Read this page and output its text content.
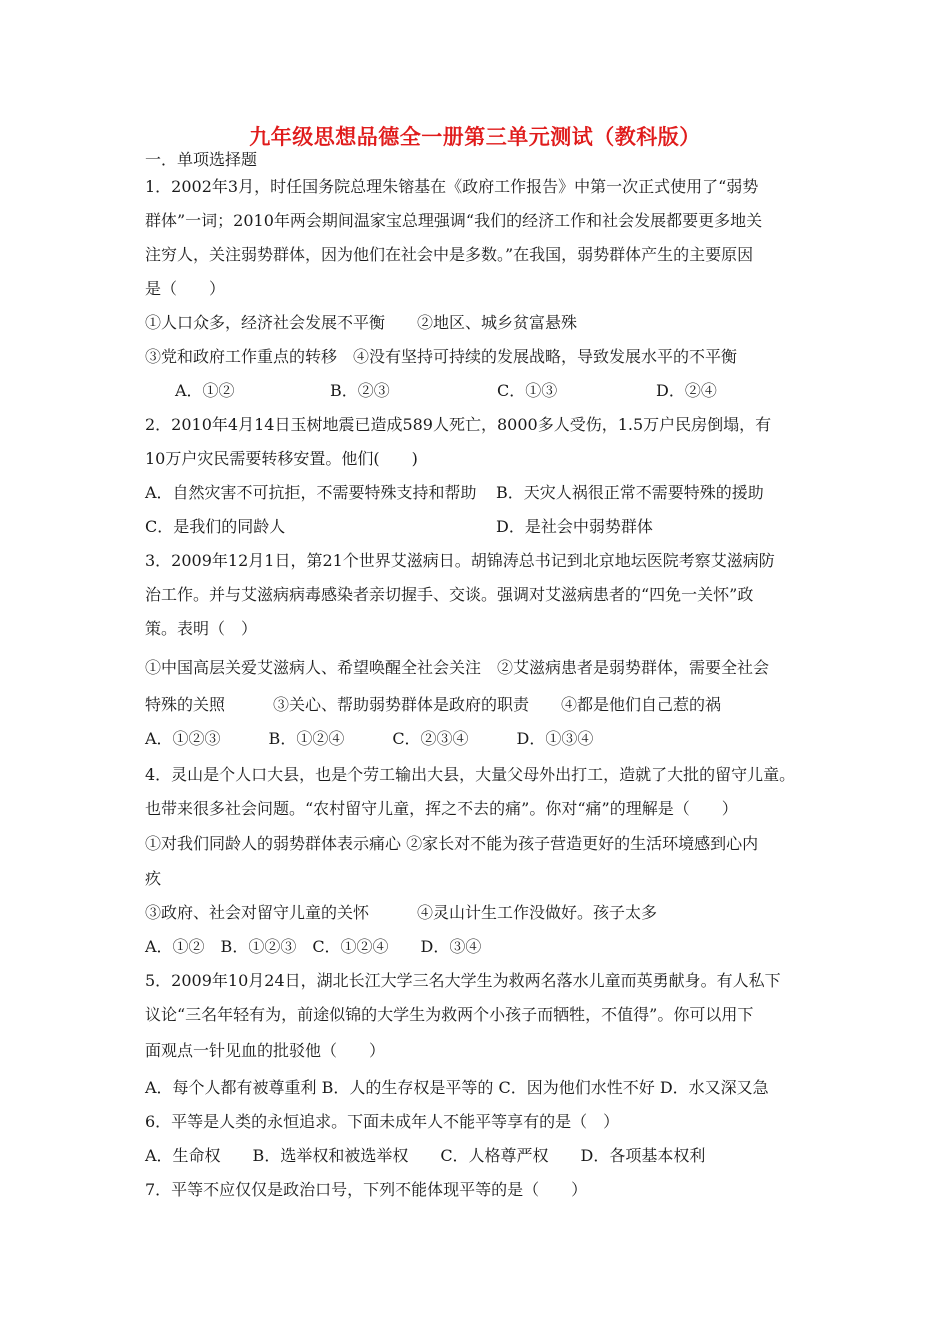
九年级思想品德全一册第三单元测试（教科版）
一．单项选择题
1．2002年3月，时任国务院总理朱镕基在《政府工作报告》中第一次正式使用了“弱势
群体”一词；2010年两会期间温家宝总理强调“我们的经济工作和社会发展都要更多地关
注穷人，关注弱势群体，因为他们在社会中是多数。”在我国，弱势群体产生的主要原因
是（　　）
①人口众多，经济社会发展不平衡　　②地区、城乡贫富悬殊
③党和政府工作重点的转移　④没有坚持可持续的发展战略，导致发展水平的不平衡
A．①②	B．②③	C．①③	D．②④
2．2010年4月14日玉树地震已造成589人死亡，8000多人受伤，1.5万户民房倒塌，有
10万户灾民需要转移安置。他们(　　)
A．自然灾害不可抗拒，不需要特殊支持和帮助 B．天灾人祸很正常不需要特殊的援助
C．是我们的同龄人	D．是社会中弱势群体
3．2009年12月1日，第21个世界艾滋病日。胡锦涛总书记到北京地坛医院考察艾滋病防
治工作。并与艾滋病病毒感染者亲切握手、交谈。强调对艾滋病患者的“四免一关怀”政
策。表明（　）
①中国高层关爱艾滋病人、希望唤醒全社会关注　②艾滋病患者是弱势群体，需要全社会
特殊的关照　　　③关心、帮助弱势群体是政府的职责　　④都是他们自己惹的祸
A．①②③　　　B．①②④　　　C．②③④　　　D．①③④
4．灵山是个人口大县，也是个劳工输出大县，大量父母外出打工，造就了大批的留守儿童。
也带来很多社会问题。“农村留守儿童，挥之不去的痛”。你对“痛”的理解是（　　）
①对我们同龄人的弱势群体表示痛心 ②家长对不能为孩子营造更好的生活环境感到心内
疚
③政府、社会对留守儿童的关怀　　　④灵山计生工作没做好。孩子太多
A．①②　B．①②③　C．①②④　　D．③④
5．2009年10月24日，湖北长江大学三名大学生为救两名落水儿童而英勇献身。有人私下
议论“三名年轻有为，前途似锦的大学生为救两个小孩子而牺牲，不值得”。你可以用下
面观点一针见血的批驳他（　　）
A．每个人都有被尊重利 B．人的生存权是平等的 C．因为他们水性不好 D．水又深又急
6．平等是人类的永恒追求。下面未成年人不能平等享有的是（　）
A．生命权　　B．选举权和被选举权　　C．人格尊严权　　D．各项基本权利
7．平等不应仅仅是政治口号，下列不能体现平等的是（　　）
